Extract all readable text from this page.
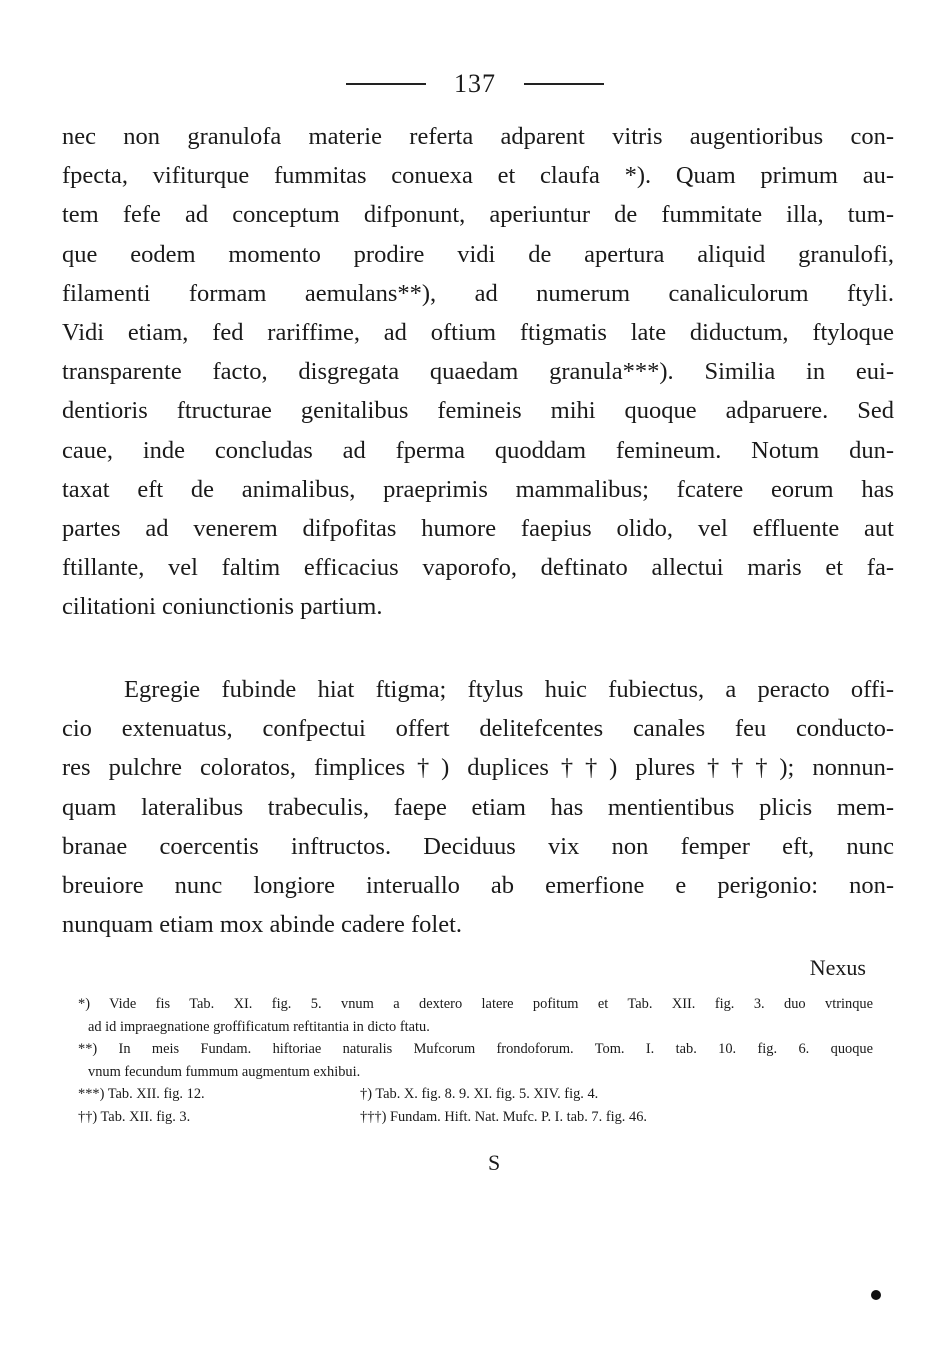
137
nec non granulofa materie referta adparent vitris augentioribus con-
fpecta, vifiturque fummitas conuexa et claufa *). Quam primum au-
tem fefe ad conceptum difponunt, aperiuntur de fummitate illa, tum-
que eodem momento prodire vidi de apertura aliquid granulofi,
filamenti formam aemulans**), ad numerum canaliculorum ftyli.
Vidi etiam, fed rariffime, ad oftium ftigmatis late diductum, ftyloque
transparente facto, disgregata quaedam granula***). Similia in eui-
dentioris ftructurae genitalibus femineis mihi quoque adparuere. Sed
caue, inde concludas ad fperma quoddam femineum. Notum dun-
taxat eft de animalibus, praeprimis mammalibus; fcatere eorum has
partes ad venerem difpofitas humore faepius olido, vel effluente aut
ftillante, vel faltim efficacius vaporofo, deftinato allectui maris et fa-
cilitationi coniunctionis partium.
Egregie fubinde hiat ftigma; ftylus huic fubiectus, a peracto offi-
cio extenuatus, confpectui offert delitefcentes canales feu conducto-
res pulchre coloratos, fimplices†) duplices††) plures†††); nonnun-
quam lateralibus trabeculis, faepe etiam has mentientibus plicis mem-
branae coercentis inftructos. Deciduus vix non femper eft, nunc
breuiore nunc longiore interuallo ab emerfione e perigonio: non-
nunquam etiam mox abinde cadere folet.
Nexus
*) Vide fis Tab. XI. fig. 5. vnum a dextero latere pofitum et Tab. XII. fig. 3. duo vtrinque
ad id impraegnatione groffificatum reftitantia in dicto ftatu.
**) In meis Fundam. hiftoriae naturalis Mufcorum frondoforum. Tom. I. tab. 10. fig. 6. quoque
vnum fecundum fummum augmentum exhibui.
***) Tab. XII. fig. 12.	†) Tab. X. fig. 8. 9. XI. fig. 5. XIV. fig. 4.
††) Tab. XII. fig. 3.	†††) Fundam. Hift. Nat. Mufc. P. I. tab. 7. fig. 46.
S
